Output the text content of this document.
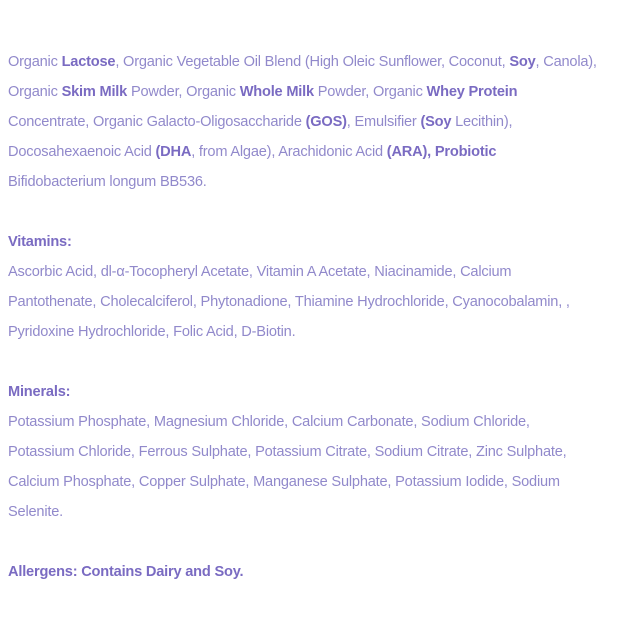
Organic Lactose, Organic Vegetable Oil Blend (High Oleic Sunflower, Coconut, Soy, Canola),
Organic Skim Milk Powder, Organic Whole Milk Powder, Organic Whey Protein
Concentrate, Organic Galacto-Oligosaccharide (GOS), Emulsifier (Soy Lecithin),
Docosahexaenoic Acid (DHA, from Algae), Arachidonic Acid (ARA), Probiotic
Bifidobacterium longum BB536.
Vitamins:
Ascorbic Acid, dl-α-Tocopheryl Acetate, Vitamin A Acetate, Niacinamide, Calcium
Pantothenate, Cholecalciferol, Phytonadione, Thiamine Hydrochloride, Cyanocobalamin, ,
Pyridoxine Hydrochloride, Folic Acid, D-Biotin.
Minerals:
Potassium Phosphate, Magnesium Chloride, Calcium Carbonate, Sodium Chloride,
Potassium Chloride, Ferrous Sulphate, Potassium Citrate, Sodium Citrate, Zinc Sulphate,
Calcium Phosphate, Copper Sulphate, Manganese Sulphate, Potassium Iodide, Sodium
Selenite.
Allergens: Contains Dairy and Soy.
